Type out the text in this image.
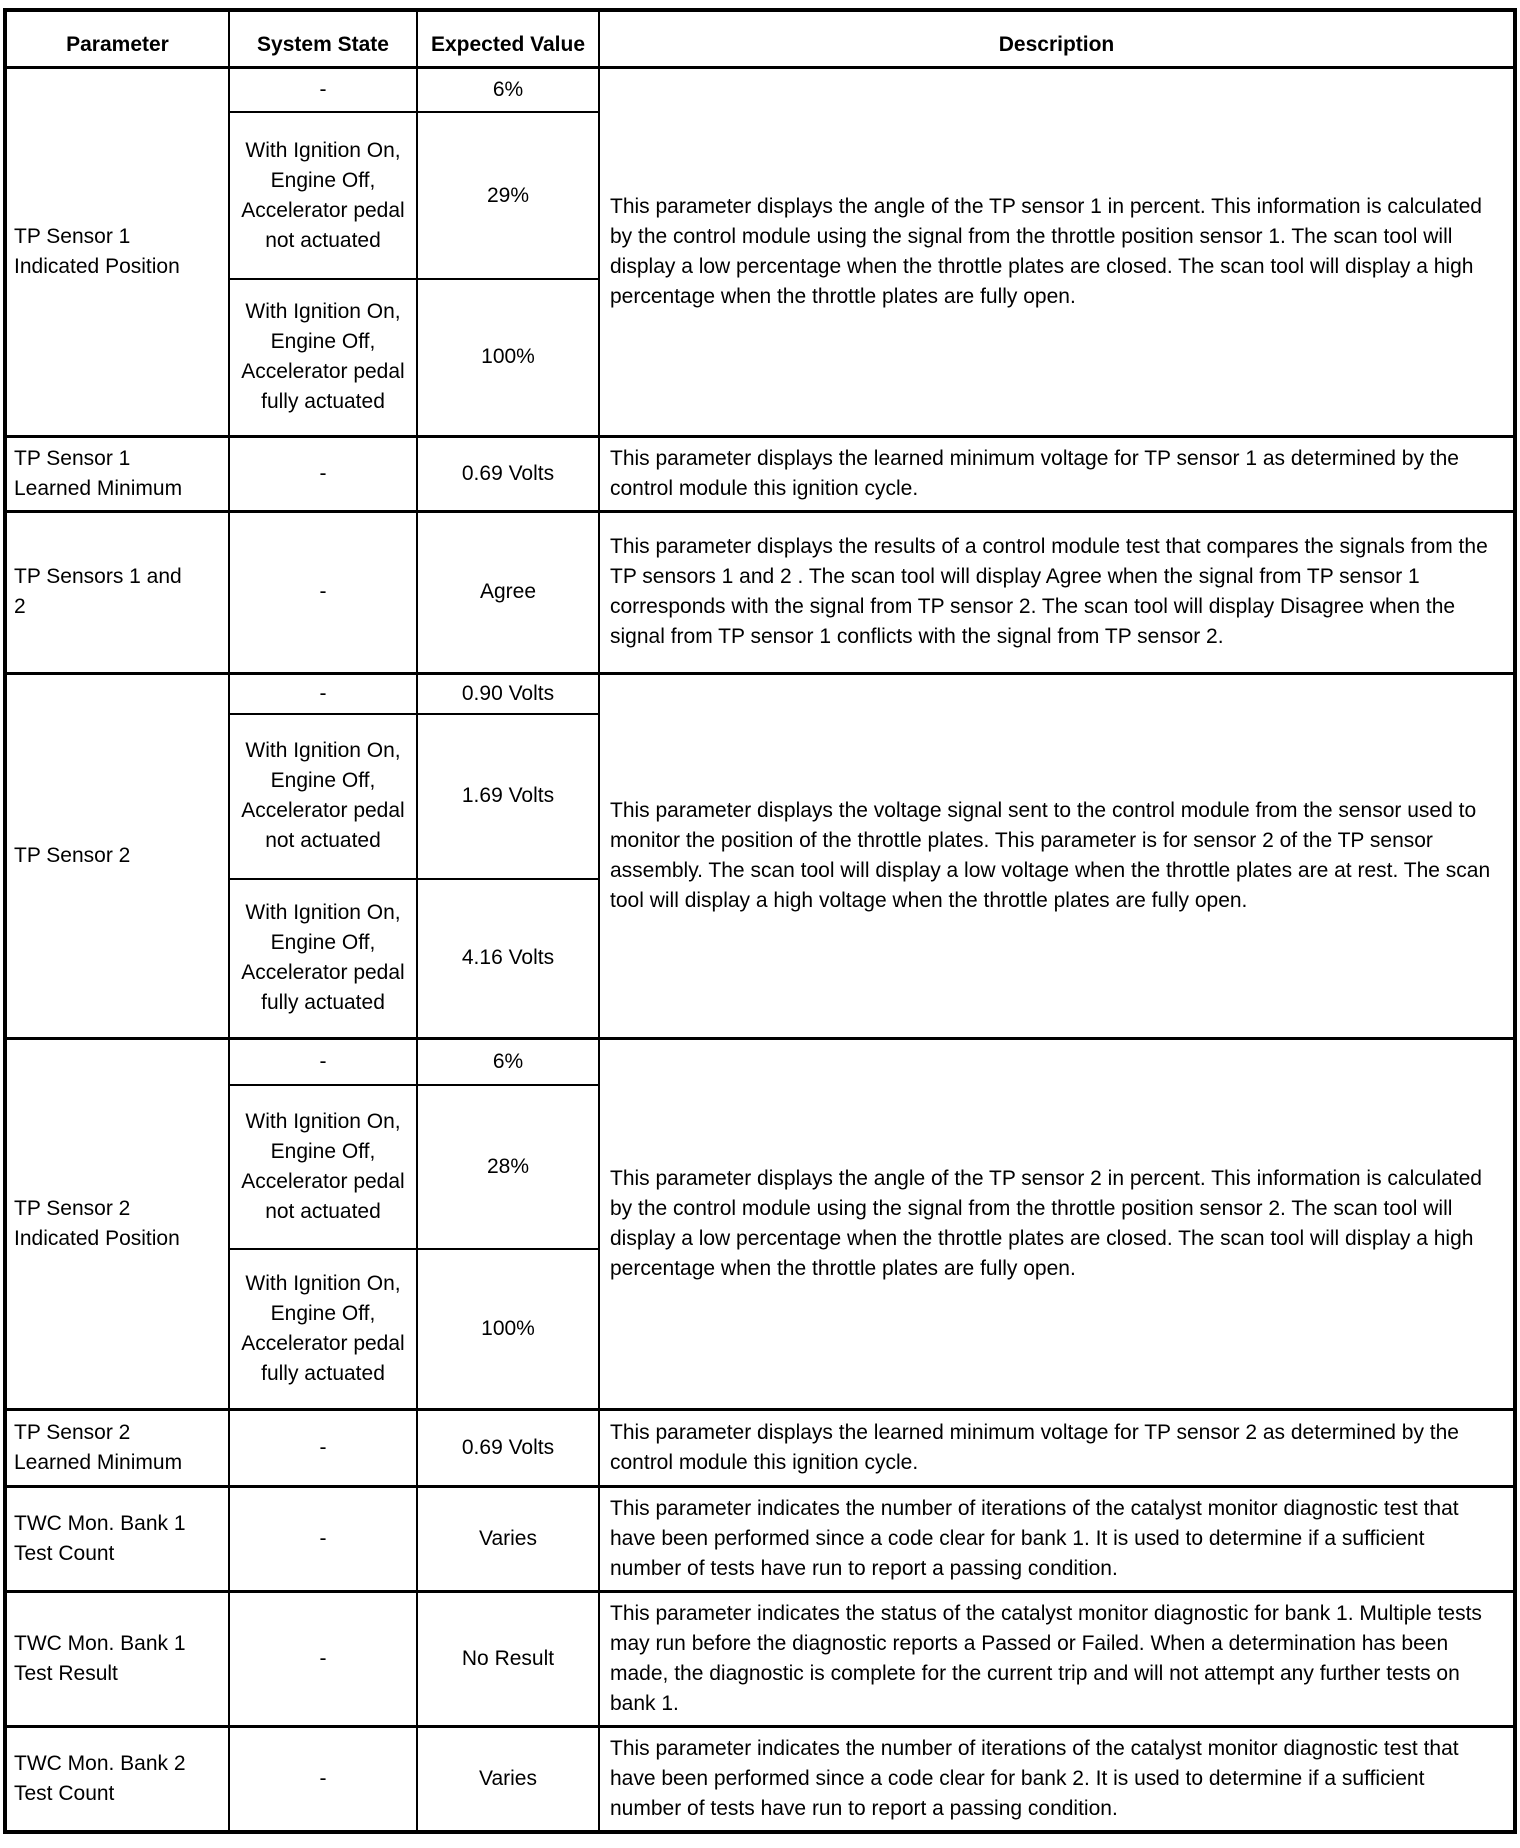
Parameter	System State	Expected Value	Description
TP Sensor 1 Indicated Position	-	6%	This parameter displays the angle of the TP sensor 1 in percent. This information is calculated by the control module using the signal from the throttle position sensor 1. The scan tool will display a low percentage when the throttle plates are closed. The scan tool will display a high percentage when the throttle plates are fully open.
	With Ignition On, Engine Off, Accelerator pedal not actuated	29%	
	With Ignition On, Engine Off, Accelerator pedal fully actuated	100%	
TP Sensor 1 Learned Minimum	-	0.69 Volts	This parameter displays the learned minimum voltage for TP sensor 1 as determined by the control module this ignition cycle.
TP Sensors 1 and 2	-	Agree	This parameter displays the results of a control module test that compares the signals from the TP sensors 1 and 2 . The scan tool will display Agree when the signal from TP sensor 1 corresponds with the signal from TP sensor 2. The scan tool will display Disagree when the signal from TP sensor 1 conflicts with the signal from TP sensor 2.
TP Sensor 2	-	0.90 Volts	This parameter displays the voltage signal sent to the control module from the sensor used to monitor the position of the throttle plates. This parameter is for sensor 2 of the TP sensor assembly. The scan tool will display a low voltage when the throttle plates are at rest. The scan tool will display a high voltage when the throttle plates are fully open.
	With Ignition On, Engine Off, Accelerator pedal not actuated	1.69 Volts	
	With Ignition On, Engine Off, Accelerator pedal fully actuated	4.16 Volts	
TP Sensor 2 Indicated Position	-	6%	This parameter displays the angle of the TP sensor 2 in percent. This information is calculated by the control module using the signal from the throttle position sensor 2. The scan tool will display a low percentage when the throttle plates are closed. The scan tool will display a high percentage when the throttle plates are fully open.
	With Ignition On, Engine Off, Accelerator pedal not actuated	28%	
	With Ignition On, Engine Off, Accelerator pedal fully actuated	100%	
TP Sensor 2 Learned Minimum	-	0.69 Volts	This parameter displays the learned minimum voltage for TP sensor 2 as determined by the control module this ignition cycle.
TWC Mon. Bank 1 Test Count	-	Varies	This parameter indicates the number of iterations of the catalyst monitor diagnostic test that have been performed since a code clear for bank 1. It is used to determine if a sufficient number of tests have run to report a passing condition.
TWC Mon. Bank 1 Test Result	-	No Result	This parameter indicates the status of the catalyst monitor diagnostic for bank 1. Multiple tests may run before the diagnostic reports a Passed or Failed. When a determination has been made, the diagnostic is complete for the current trip and will not attempt any further tests on bank 1.
TWC Mon. Bank 2 Test Count	-	Varies	This parameter indicates the number of iterations of the catalyst monitor diagnostic test that have been performed since a code clear for bank 2. It is used to determine if a sufficient number of tests have run to report a passing condition.
